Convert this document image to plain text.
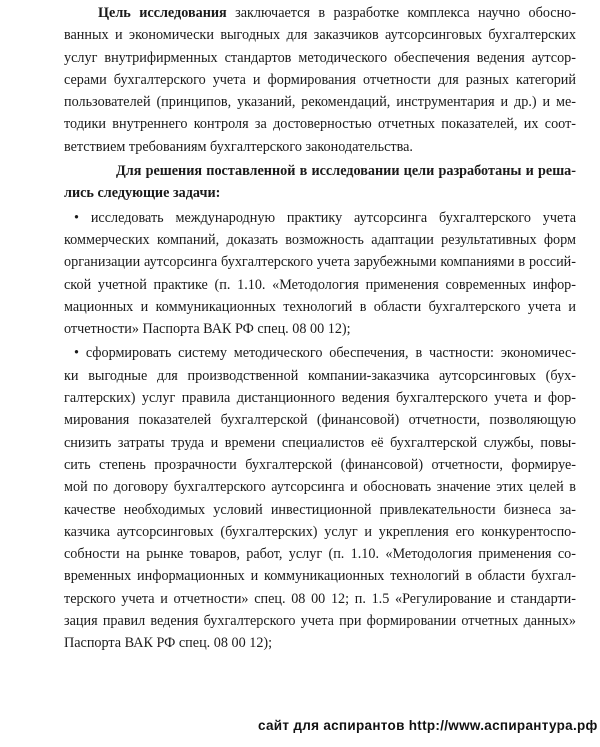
Цель исследования заключается в разработке комплекса научно обосно-
ванных и экономически выгодных для заказчиков аутсорсинговых бухгалтерских
услуг внутрифирменных стандартов методического обеспечения ведения аутсор-
серами бухгалтерского учета и формирования отчетности для разных категорий
пользователей (принципов, указаний, рекомендаций, инструментария и др.) и ме-
тодики внутреннего контроля за достоверностью отчетных показателей, их соот-
ветствием требованиям бухгалтерского законодательства.
Для решения поставленной в исследовании цели разработаны и реша-
лись следующие задачи:
• исследовать международную практику аутсорсинга бухгалтерского учета
коммерческих компаний, доказать возможность адаптации результативных форм
организации аутсорсинга бухгалтерского учета зарубежными компаниями в россий-
ской учетной практике (п. 1.10. «Методология применения современных инфор-
мационных и коммуникационных технологий в области бухгалтерского учета и
отчетности» Паспорта ВАК РФ спец. 08 00 12);
• сформировать систему методического обеспечения, в частности: экономичес-
ки выгодные для производственной компании-заказчика аутсорсинговых (бух-
галтерских) услуг правила дистанционного ведения бухгалтерского учета и фор-
мирования показателей бухгалтерской (финансовой) отчетности, позволяющую
снизить затраты труда и времени специалистов её бухгалтерской службы, повы-
сить степень прозрачности бухгалтерской (финансовой) отчетности, формируе-
мой по договору бухгалтерского аутсорсинга и обосновать значение этих целей в
качестве необходимых условий инвестиционной привлекательности бизнеса за-
казчика аутсорсинговых (бухгалтерских) услуг и укрепления его конкурентоспо-
собности на рынке товаров, работ, услуг (п. 1.10. «Методология применения со-
временных информационных и коммуникационных технологий в области бухгал-
терского учета и отчетности» спец. 08 00 12; п. 1.5 «Регулирование и стандарти-
зация правил ведения бухгалтерского учета при формировании отчетных данных»
Паспорта ВАК РФ спец. 08 00 12);
сайт для аспирантов http://www.аспирантура.рф
